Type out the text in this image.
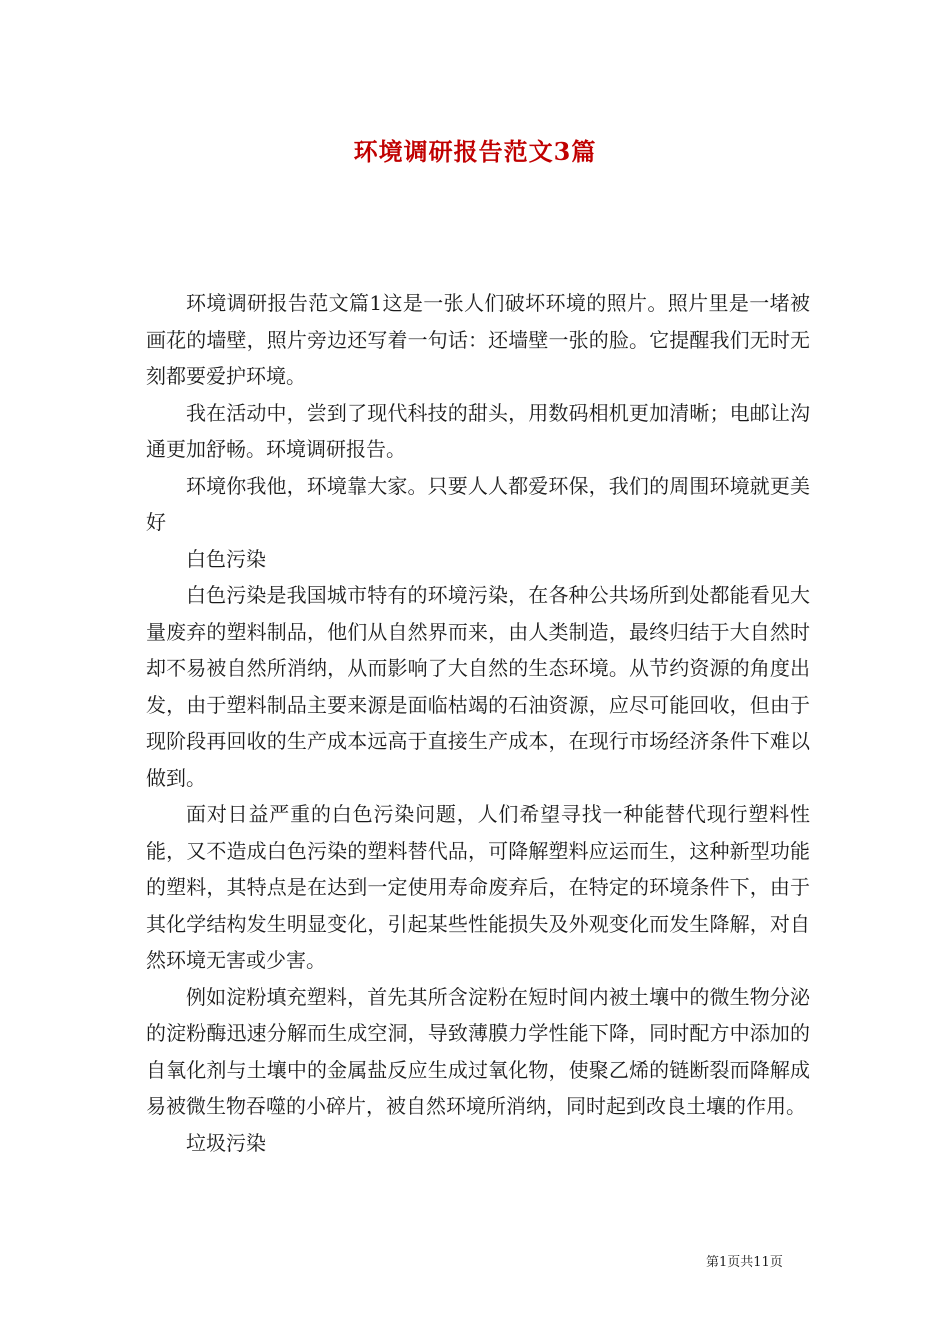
环境调研报告范文3篇

环境调研报告范文篇1这是一张人们破坏环境的照片。照片里是一堵被画花的墙壁，照片旁边还写着一句话：还墙壁一张的脸。它提醒我们无时无刻都要爱护环境。

我在活动中，尝到了现代科技的甜头，用数码相机更加清晰；电邮让沟通更加舒畅。环境调研报告。

环境你我他，环境靠大家。只要人人都爱环保，我们的周围环境就更美好

白色污染

白色污染是我国城市特有的环境污染，在各种公共场所到处都能看见大量废弃的塑料制品，他们从自然界而来，由人类制造，最终归结于大自然时却不易被自然所消纳，从而影响了大自然的生态环境。从节约资源的角度出发，由于塑料制品主要来源是面临枯竭的石油资源，应尽可能回收，但由于现阶段再回收的生产成本远高于直接生产成本，在现行市场经济条件下难以做到。

面对日益严重的白色污染问题，人们希望寻找一种能替代现行塑料性能，又不造成白色污染的塑料替代品，可降解塑料应运而生，这种新型功能的塑料，其特点是在达到一定使用寿命废弃后，在特定的环境条件下，由于其化学结构发生明显变化，引起某些性能损失及外观变化而发生降解，对自然环境无害或少害。

例如淀粉填充塑料，首先其所含淀粉在短时间内被土壤中的微生物分泌的淀粉酶迅速分解而生成空洞，导致薄膜力学性能下降，同时配方中添加的自氧化剂与土壤中的金属盐反应生成过氧化物，使聚乙烯的链断裂而降解成易被微生物吞噬的小碎片，被自然环境所消纳，同时起到改良土壤的作用。

垃圾污染

第1页共11页
